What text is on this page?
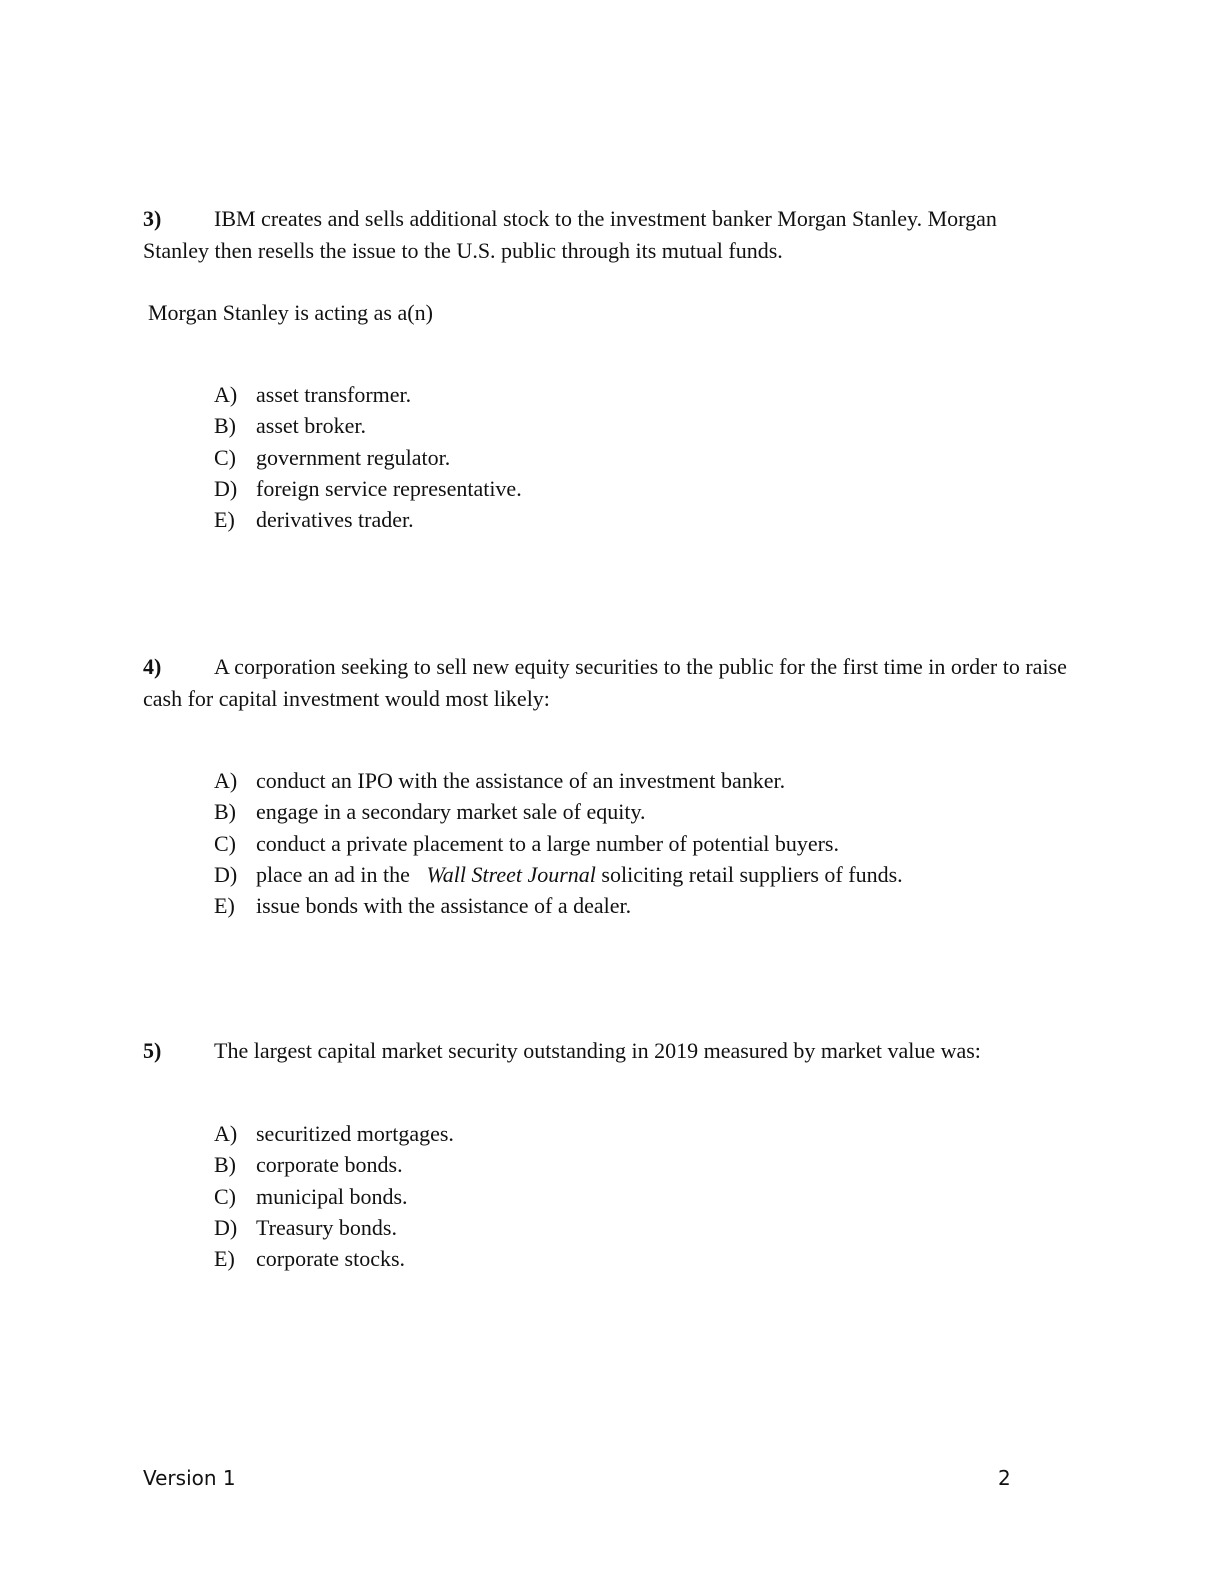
3) IBM creates and sells additional stock to the investment banker Morgan Stanley. Morgan Stanley then resells the issue to the U.S. public through its mutual funds.

Morgan Stanley is acting as a(n)

A) asset transformer.
B) asset broker.
C) government regulator.
D) foreign service representative.
E) derivatives trader.

4) A corporation seeking to sell new equity securities to the public for the first time in order to raise cash for capital investment would most likely:

A) conduct an IPO with the assistance of an investment banker.
B) engage in a secondary market sale of equity.
C) conduct a private placement to a large number of potential buyers.
D) place an ad in the Wall Street Journal soliciting retail suppliers of funds.
E) issue bonds with the assistance of a dealer.

5) The largest capital market security outstanding in 2019 measured by market value was:

A) securitized mortgages.
B) corporate bonds.
C) municipal bonds.
D) Treasury bonds.
E) corporate stocks.
Version 1	2
